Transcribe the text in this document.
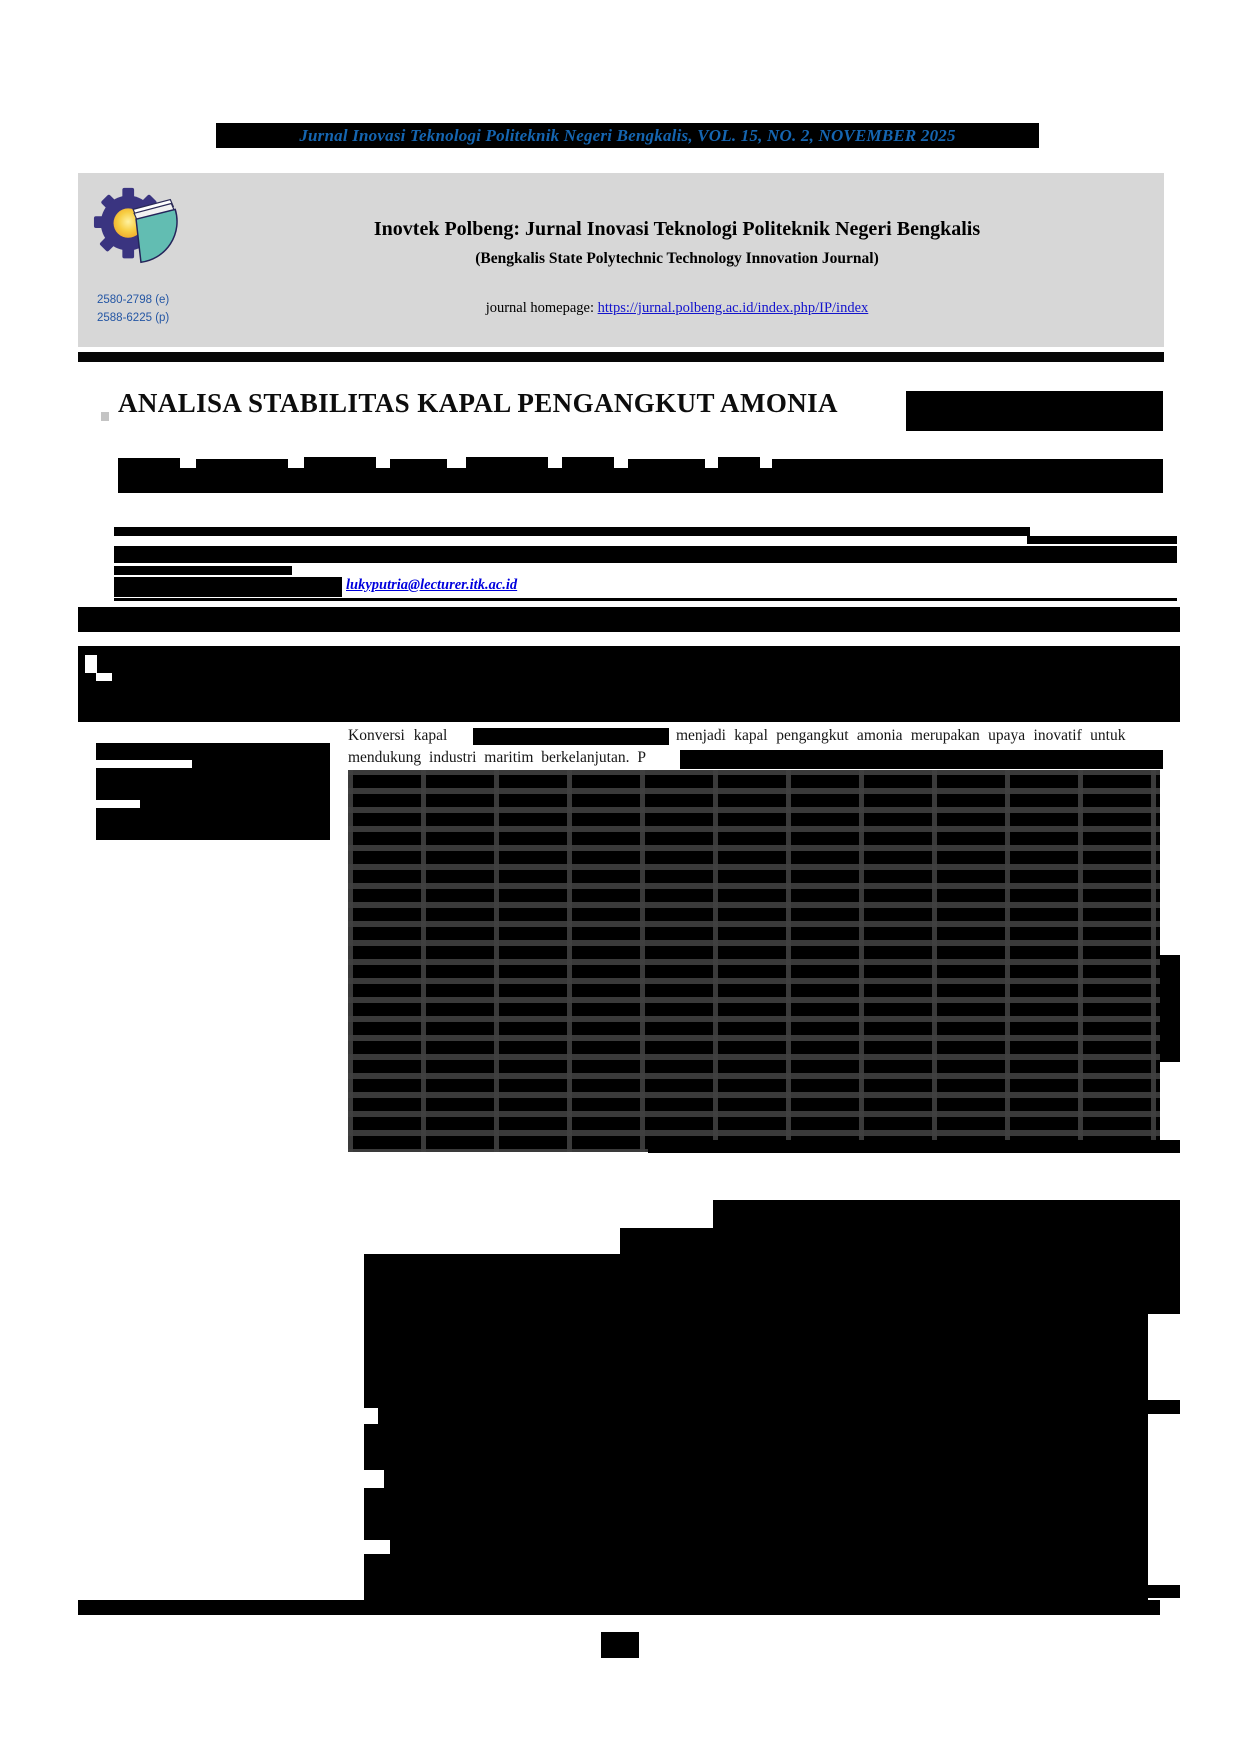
Jurnal Inovasi Teknologi Politeknik Negeri Bengkalis, VOL. 15, NO. 2, NOVEMBER 2025
2580-2798 (e)
2588-6225 (p)
Inovtek Polbeng: Jurnal Inovasi Teknologi Politeknik Negeri Bengkalis
(Bengkalis State Polytechnic Technology Innovation Journal)
journal homepage: https://jurnal.polbeng.ac.id/index.php/IP/index
ANALISA STABILITAS KAPAL PENGANGKUT AMONIA
lukyputria@lecturer.itk.ac.id
Konversi kapal	menjadi kapal pengangkut amonia merupakan upaya inovatif untuk
mendukung industri maritim berkelanjutan. P
